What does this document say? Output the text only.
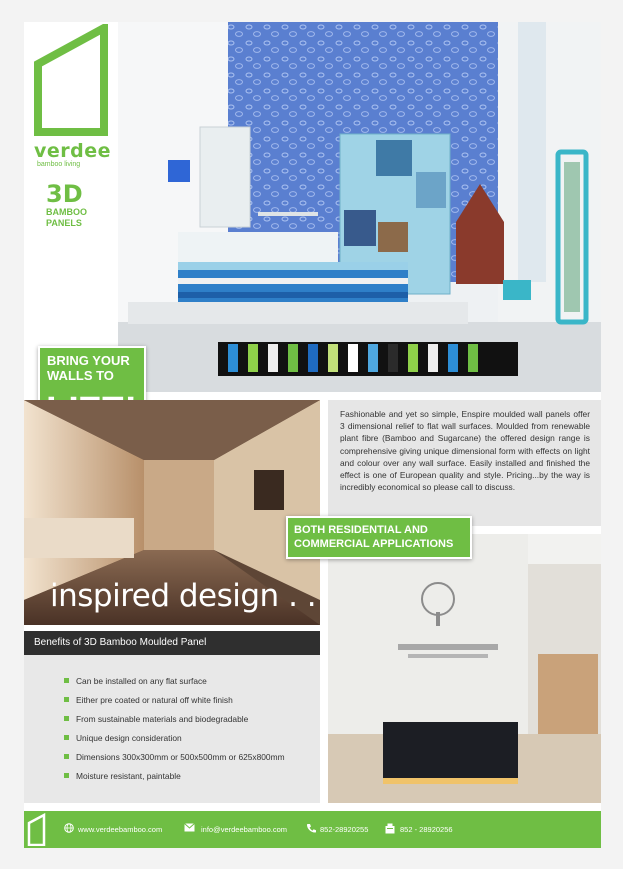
verdee
bamboo living
3D
BAMBOO
PANELS
BRING YOUR
WALLS TO
inspired design . .

Fashionable and yet so simple, Enspire moulded wall panels offer 3 dimensional relief to flat wall surfaces. Moulded from renewable plant fibre (Bamboo and Sugarcane) the offered design range is comprehensive giving unique dimensional form with effects on light and colour over any wall surface. Easily installed and finished the effect is one of European quality and style. Pricing...by the way is incredibly economical so please call to discuss.

BOTH RESIDENTIAL AND
COMMERCIAL APPLICATIONS
Benefits of 3D Bamboo Moulded Panel
Can be installed on any flat surface
Either pre coated or natural off white finish
From sustainable materials and biodegradable
Unique design consideration
Dimensions 300x300mm or 500x500mm or 625x800mm
Moisture resistant, paintable
www.verdeebamboo.com	info@verdeebamboo.com	852-28920255	852 - 28920256
